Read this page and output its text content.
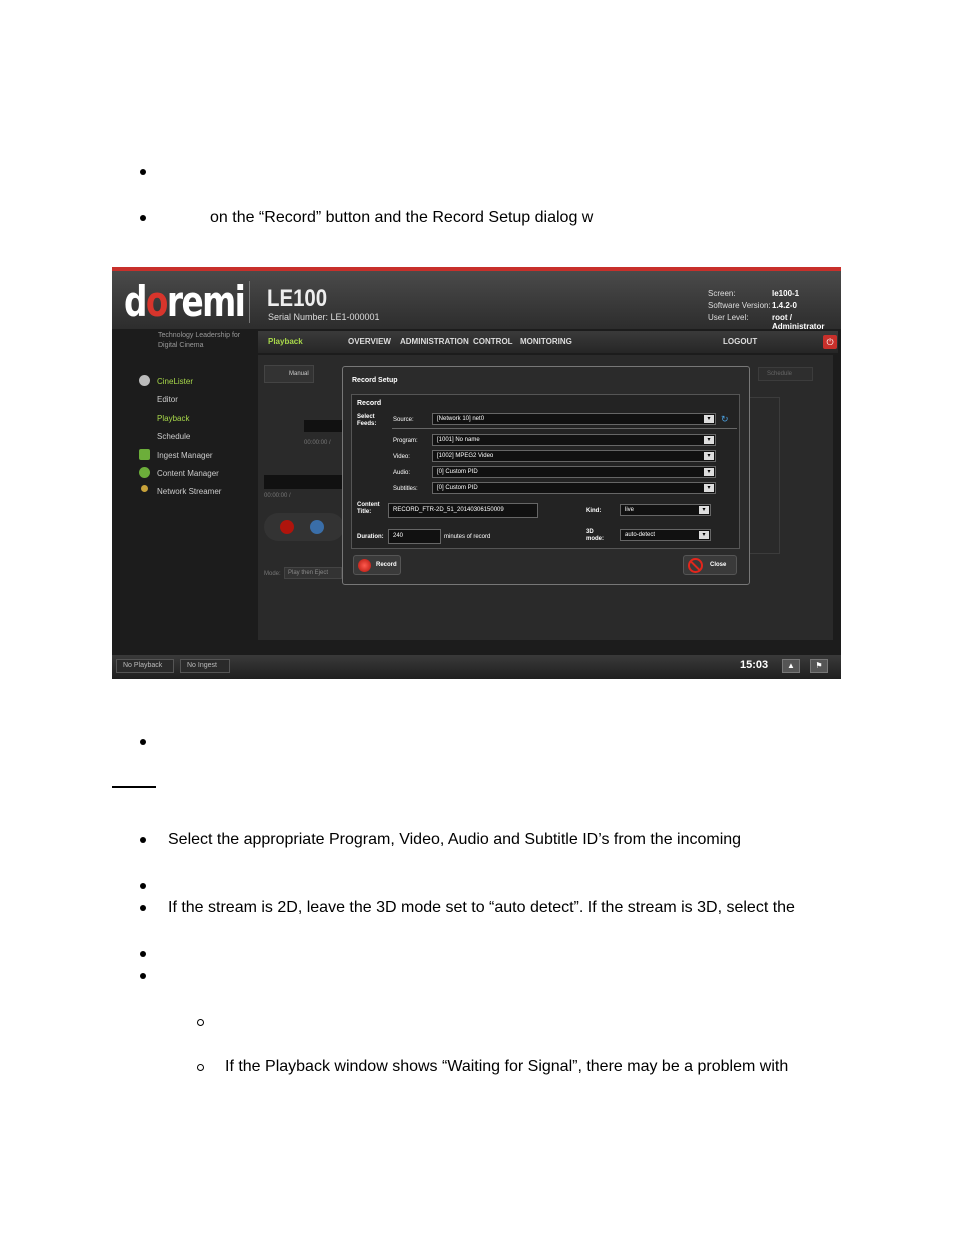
on the “Record” button and the Record Setup dialog w
doremi LE100
Serial Number: LE1-000001
Screen:	le100-1
Software Version: 1.4.2-0
User Level:	root / Administrator
Technology Leadership for Digital Cinema	Playback	OVERVIEW ADMINISTRATION CONTROL MONITORING	LOGOUT	⏻
CineLister
Editor
Playback
Schedule
Ingest Manager
Content Manager
Network Streamer
Manual	Schedule
00:00:00 /
00:00:00 /
Mode:	Play then Eject
Record Setup
Record
Select Feeds:
Source:	[Network 10] net0	▾	↻
Program:	[1001] No name	▾
Video:	[1002] MPEG2 Video	▾
Audio:	[0] Custom PID	▾
Subtitles:	[0] Custom PID	▾
Content Title:	RECORD_FTR-2D_51_20140306150009	Kind:	live	▾
Duration:	240	minutes of record
3D mode:
auto-detect	▾
Record	Close
No Playback	No Ingest	15:03	▲	⚑
Select the appropriate Program, Video, Audio and Subtitle ID’s from the incoming
If the stream is 2D, leave the 3D mode set to “auto detect”. If the stream is 3D, select the
If the Playback window shows “Waiting for Signal”, there may be a problem with
